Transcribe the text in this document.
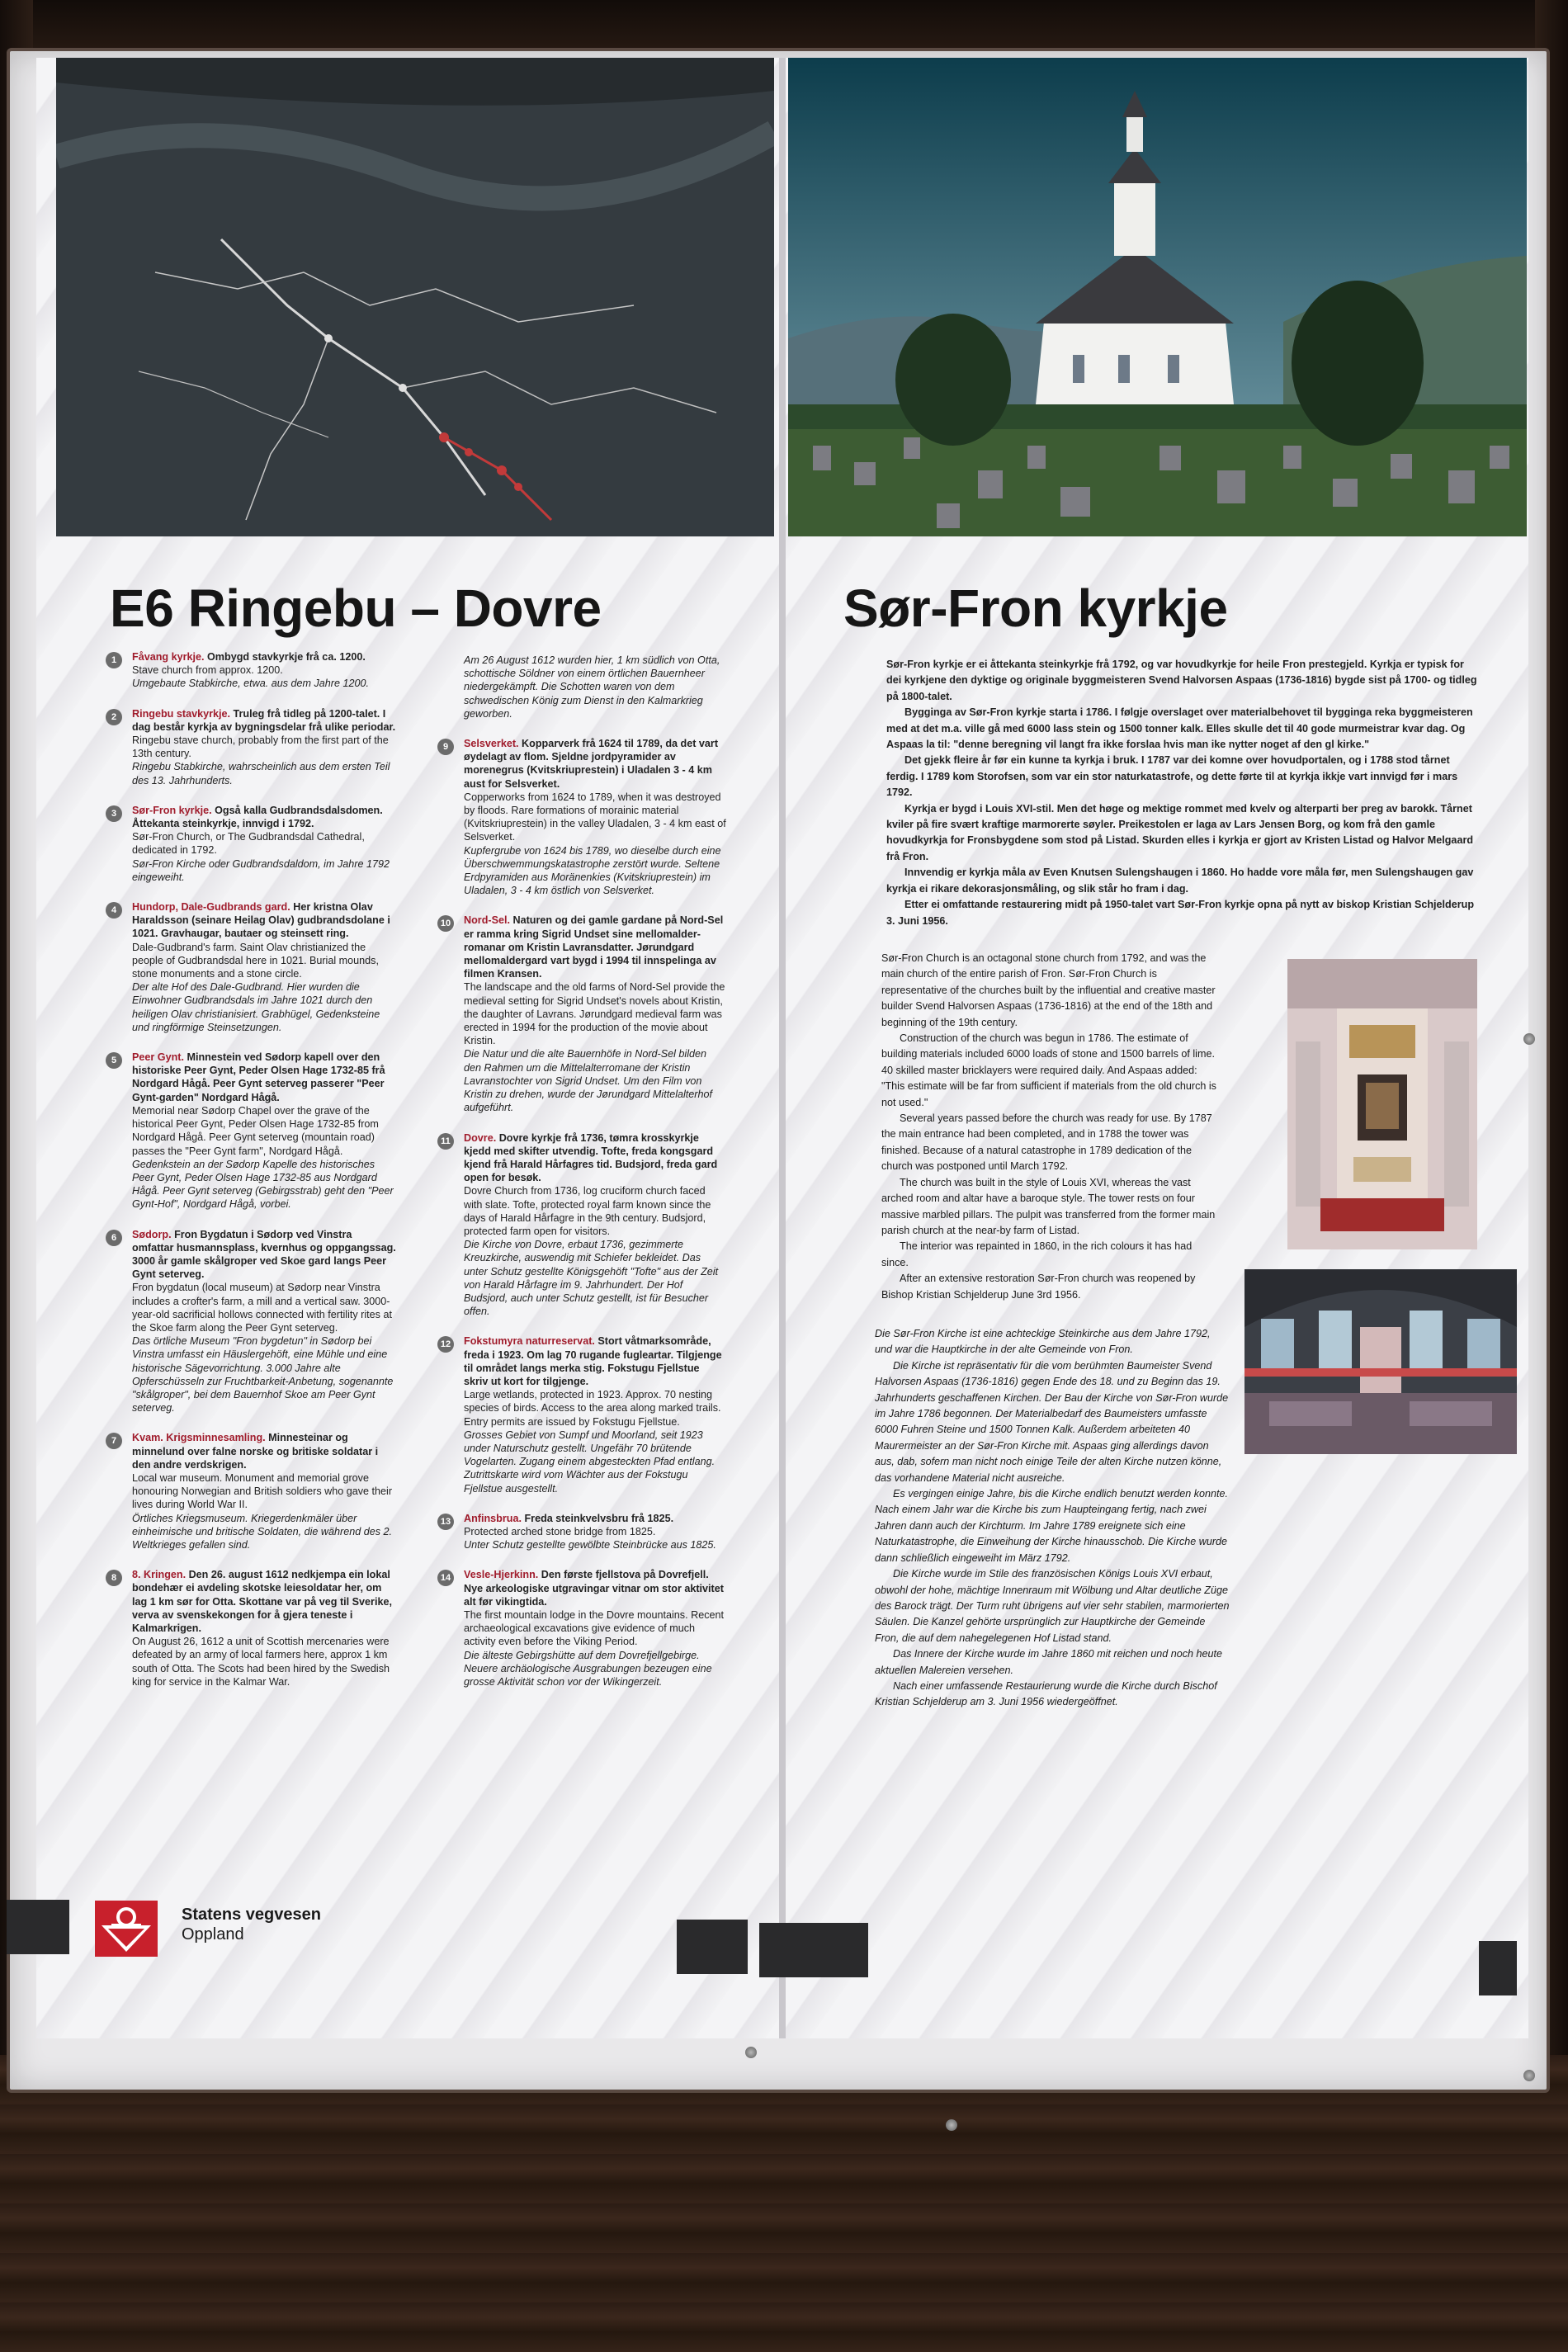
E6 Ringebu – Dovre	Sør-Fron kyrkje
1	Fåvang kyrkje. Ombygd stavkyrkje frå ca. 1200.
Stave church from approx. 1200.
Umgebaute Stabkirche, etwa. aus dem Jahre 1200.
2	Ringebu stavkyrkje. Truleg frå tidleg på 1200-talet. I dag består kyrkja av bygningsdelar frå ulike periodar.
Ringebu stave church, probably from the first part of the 13th century.
Ringebu Stabkirche, wahrscheinlich aus dem ersten Teil des 13. Jahrhunderts.
3	Sør-Fron kyrkje. Også kalla Gudbrandsdalsdomen. Åttekanta steinkyrkje, innvigd i 1792.
Sør-Fron Church, or The Gudbrandsdal Cathedral, dedicated in 1792.
Sør-Fron Kirche oder Gudbrandsdaldom, im Jahre 1792 eingeweiht.
4	Hundorp, Dale-Gudbrands gard. Her kristna Olav Haraldsson (seinare Heilag Olav) gudbrandsdolane i 1021. Gravhaugar, bautaer og steinsett ring.
Dale-Gudbrand's farm. Saint Olav christianized the people of Gudbrandsdal here in 1021. Burial mounds, stone monuments and a stone circle.
Der alte Hof des Dale-Gudbrand. Hier wurden die Einwohner Gudbrandsdals im Jahre 1021 durch den heiligen Olav christianisiert. Grabhügel, Gedenksteine und ringförmige Steinsetzungen.
5	Peer Gynt. Minnestein ved Sødorp kapell over den historiske Peer Gynt, Peder Olsen Hage 1732-85 frå Nordgard Hågå. Peer Gynt seterveg passerer "Peer Gynt-garden" Nordgard Hågå.
Memorial near Sødorp Chapel over the grave of the historical Peer Gynt, Peder Olsen Hage 1732-85 from Nordgard Hågå. Peer Gynt seterveg (mountain road) passes the "Peer Gynt farm", Nordgard Hågå.
Gedenkstein an der Sødorp Kapelle des historisches Peer Gynt, Peder Olsen Hage 1732-85 aus Nordgard Hågå. Peer Gynt seterveg (Gebirgsstrab) geht den "Peer Gynt-Hof", Nordgard Hågå, vorbei.
6	Sødorp. Fron Bygdatun i Sødorp ved Vinstra omfattar husmannsplass, kvernhus og oppgangssag. 3000 år gamle skålgroper ved Skoe gard langs Peer Gynt seterveg.
Fron bygdatun (local museum) at Sødorp near Vinstra includes a crofter's farm, a mill and a vertical saw. 3000-year-old sacrificial hollows connected with fertility rites at the Skoe farm along the Peer Gynt seterveg.
Das örtliche Museum "Fron bygdetun" in Sødorp bei Vinstra umfasst ein Häuslergehöft, eine Mühle und eine historische Sägevorrichtung. 3.000 Jahre alte Opferschüsseln zur Fruchtbarkeit-Anbetung, sogenannte "skålgroper", bei dem Bauernhof Skoe am Peer Gynt seterveg.
7	Kvam. Krigsminnesamling. Minnesteinar og minnelund over falne norske og britiske soldatar i den andre verdskrigen.
Local war museum. Monument and memorial grove honouring Norwegian and British soldiers who gave their lives during World War II.
Örtliches Kriegsmuseum. Kriegerdenkmäler über einheimische und britische Soldaten, die während des 2. Weltkrieges gefallen sind.
8	8. Kringen. Den 26. august 1612 nedkjempa ein lokal bondehær ei avdeling skotske leiesoldatar her, om lag 1 km sør for Otta. Skottane var på veg til Sverike, verva av svenskekongen for å gjera teneste i Kalmarkrigen.
On August 26, 1612 a unit of Scottish mercenaries were defeated by an army of local farmers here, approx 1 km south of Otta. The Scots had been hired by the Swedish king for service in the Kalmar War.
Am 26 August 1612 wurden hier, 1 km südlich von Otta, schottische Söldner von einem örtlichen Bauernheer niedergekämpft. Die Schotten waren von dem schwedischen König zum Dienst in den Kalmarkrieg geworben.
9	Selsverket. Kopparverk frå 1624 til 1789, da det vart øydelagt av flom. Sjeldne jordpyramider av morenegrus (Kvitskriuprestein) i Uladalen 3 - 4 km aust for Selsverket.
Copperworks from 1624 to 1789, when it was destroyed by floods. Rare formations of morainic material (Kvitskriuprestein) in the valley Uladalen, 3 - 4 km east of Selsverket.
Kupfergrube von 1624 bis 1789, wo dieselbe durch eine Überschwemmungskatastrophe zerstört wurde. Seltene Erdpyramiden aus Moränenkies (Kvitskriuprestein) im Uladalen, 3 - 4 km östlich von Selsverket.
10	Nord-Sel. Naturen og dei gamle gardane på Nord-Sel er ramma kring Sigrid Undset sine mellomalder-romanar om Kristin Lavransdatter. Jørundgard mellomaldergard vart bygd i 1994 til innspelinga av filmen Kransen.
The landscape and the old farms of Nord-Sel provide the medieval setting for Sigrid Undset's novels about Kristin, the daughter of Lavrans. Jørundgard medieval farm was erected in 1994 for the production of the movie about Kristin.
Die Natur und die alte Bauernhöfe in Nord-Sel bilden den Rahmen um die Mittelalterromane der Kristin Lavranstochter von Sigrid Undset. Um den Film von Kristin zu drehen, wurde der Jørundgard Mittelalterhof aufgeführt.
11	Dovre. Dovre kyrkje frå 1736, tømra krosskyrkje kjedd med skifter utvendig. Tofte, freda kongsgard kjend frå Harald Hårfagres tid. Budsjord, freda gard open for besøk.
Dovre Church from 1736, log cruciform church faced with slate. Tofte, protected royal farm known since the days of Harald Hårfagre in the 9th century. Budsjord, protected farm open for visitors.
Die Kirche von Dovre, erbaut 1736, gezimmerte Kreuzkirche, auswendig mit Schiefer bekleidet. Das unter Schutz gestellte Königsgehöft "Tofte" aus der Zeit von Harald Hårfagre im 9. Jahrhundert. Der Hof Budsjord, auch unter Schutz gestellt, ist für Besucher offen.
12	Fokstumyra naturreservat. Stort våtmarksområde, freda i 1923. Om lag 70 rugande fugleartar. Tilgjenge til området langs merka stig. Fokstugu Fjellstue skriv ut kort for tilgjenge.
Large wetlands, protected in 1923. Approx. 70 nesting species of birds. Access to the area along marked trails. Entry permits are issued by Fokstugu Fjellstue.
Grosses Gebiet von Sumpf und Moorland, seit 1923 under Naturschutz gestellt. Ungefähr 70 brütende Vogelarten. Zugang einem abgesteckten Pfad entlang. Zutrittskarte wird vom Wächter aus der Fokstugu Fjellstue ausgestellt.
13	Anfinsbrua. Freda steinkvelvsbru frå 1825.
Protected arched stone bridge from 1825.
Unter Schutz gestellte gewölbte Steinbrücke aus 1825.
14	Vesle-Hjerkinn. Den første fjellstova på Dovrefjell. Nye arkeologiske utgravingar vitnar om stor aktivitet alt før vikingtida.
The first mountain lodge in the Dovre mountains. Recent archaeological excavations give evidence of much activity even before the Viking Period.
Die älteste Gebirgshütte auf dem Dovrefjellgebirge. Neuere archäologische Ausgrabungen bezeugen eine grosse Aktivität schon vor der Wikingerzeit.

Sør-Fron kyrkje er ei åttekanta steinkyrkje frå 1792, og var hovudkyrkje for heile Fron prestegjeld. Kyrkja er typisk for dei kyrkjene den dyktige og originale byggmeisteren Svend Halvorsen Aspaas (1736-1816) bygde sist på 1700- og tidleg på 1800-talet.

Bygginga av Sør-Fron kyrkje starta i 1786. I følgje overslaget over materialbehovet til bygginga reka byggmeisteren med at det m.a. ville gå med 6000 lass stein og 1500 tonner kalk. Elles skulle det til 40 gode murmeistrar kvar dag. Og Aspaas la til: "denne beregning vil langt fra ikke forslaa hvis man ike nytter noget af den gl kirke."

Det gjekk fleire år før ein kunne ta kyrkja i bruk. I 1787 var dei komne over hovudportalen, og i 1788 stod tårnet ferdig. I 1789 kom Storofsen, som var ein stor naturkatastrofe, og dette førte til at kyrkja ikkje vart innvigd før i mars 1792.

Kyrkja er bygd i Louis XVI-stil. Men det høge og mektige rommet med kvelv og alterparti ber preg av barokk. Tårnet kviler på fire svært kraftige marmorerte søyler. Preikestolen er laga av Lars Jensen Borg, og kom frå den gamle hovudkyrkja for Fronsbygdene som stod på Listad. Skurden elles i kyrkja er gjort av Kristen Listad og Halvor Melgaard frå Fron.

Innvendig er kyrkja måla av Even Knutsen Sulengshaugen i 1860. Ho hadde vore måla før, men Sulengshaugen gav kyrkja ei rikare dekorasjonsmåling, og slik står ho fram i dag.

Etter ei omfattande restaurering midt på 1950-talet vart Sør-Fron kyrkje opna på nytt av biskop Kristian Schjelderup 3. Juni 1956.

Sør-Fron Church is an octagonal stone church from 1792, and was the main church of the entire parish of Fron. Sør-Fron Church is representative of the churches built by the influential and creative master builder Svend Halvorsen Aspaas (1736-1816) at the end of the 18th and beginning of the 19th century.

Construction of the church was begun in 1786. The estimate of building materials included 6000 loads of stone and 1500 barrels of lime. 40 skilled master bricklayers were required daily. And Aspaas added: "This estimate will be far from sufficient if materials from the old church is not used."

Several years passed before the church was ready for use. By 1787 the main entrance had been completed, and in 1788 the tower was finished. Because of a natural catastrophe in 1789 dedication of the church was postponed until March 1792.

The church was built in the style of Louis XVI, whereas the vast arched room and altar have a baroque style. The tower rests on four massive marbled pillars. The pulpit was transferred from the former main parish church at the near-by farm of Listad.

The interior was repainted in 1860, in the rich colours it has had since.

After an extensive restoration Sør-Fron church was reopened by Bishop Kristian Schjelderup June 3rd 1956.

Die Sør-Fron Kirche ist eine achteckige Steinkirche aus dem Jahre 1792, und war die Hauptkirche in der alte Gemeinde von Fron.

Die Kirche ist repräsentativ für die vom berühmten Baumeister Svend Halvorsen Aspaas (1736-1816) gegen Ende des 18. und zu Beginn das 19. Jahrhunderts geschaffenen Kirchen. Der Bau der Kirche von Sør-Fron wurde im Jahre 1786 begonnen. Der Materialbedarf des Baumeisters umfasste 6000 Fuhren Steine und 1500 Tonnen Kalk. Außerdem arbeiteten 40 Maurermeister an der Sør-Fron Kirche mit. Aspaas ging allerdings davon aus, dab, sofern man nicht noch einige Teile der alten Kirche nutzen könne, das vorhandene Material nicht ausreiche.

Es vergingen einige Jahre, bis die Kirche endlich benutzt werden konnte. Nach einem Jahr war die Kirche bis zum Haupteingang fertig, nach zwei Jahren dann auch der Kirchturm. Im Jahre 1789 ereignete sich eine Naturkatastrophe, die Einweihung der Kirche hinausschob. Die Kirche wurde dann schließlich eingeweiht im März 1792.

Die Kirche wurde im Stile des französischen Königs Louis XVI erbaut, obwohl der hohe, mächtige Innenraum mit Wölbung und Altar deutliche Züge des Barock trägt. Der Turm ruht übrigens auf vier sehr stabilen, marmorierten Säulen. Die Kanzel gehörte ursprünglich zur Hauptkirche der Gemeinde Fron, die auf dem nahegelegenen Hof Listad stand.

Das Innere der Kirche wurde im Jahre 1860 mit reichen und noch heute aktuellen Malereien versehen.

Nach einer umfassende Restaurierung wurde die Kirche durch Bischof Kristian Schjelderup am 3. Juni 1956 wiedergeöffnet.

Statens vegvesen
Oppland
